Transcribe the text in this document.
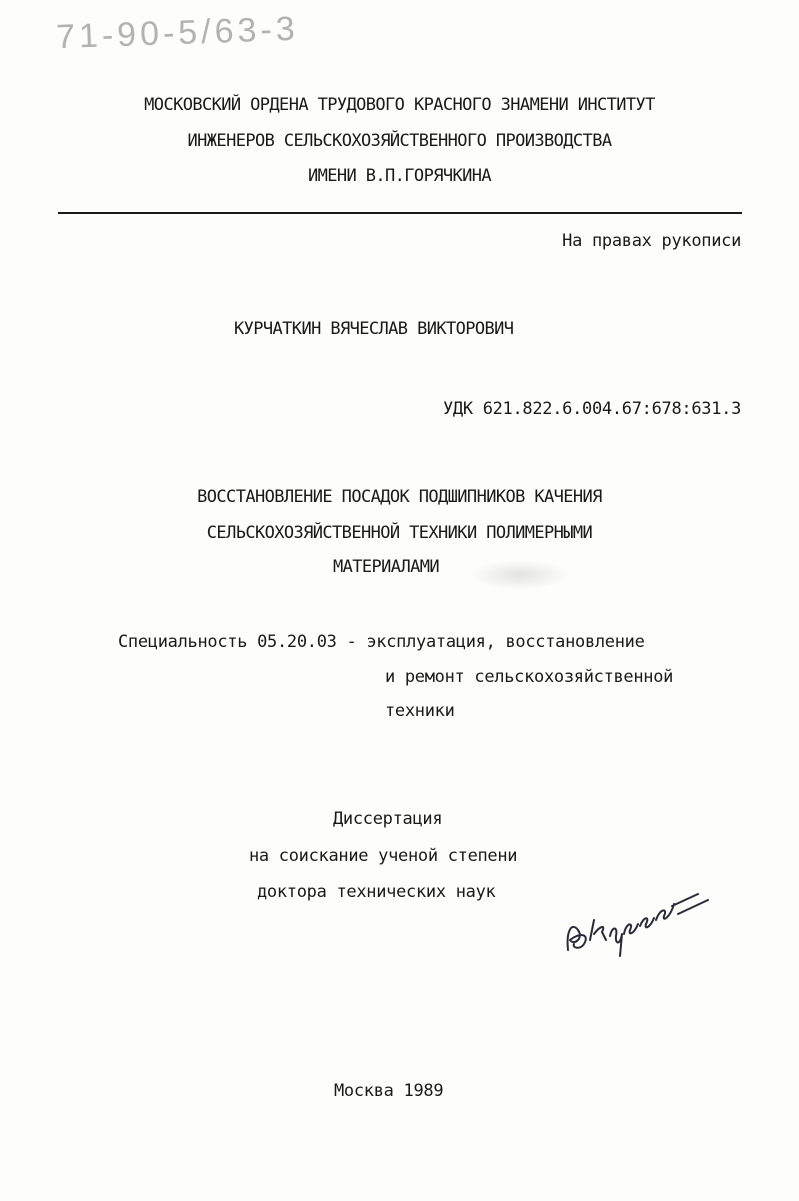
71-90-5/63-3
МОСКОВСКИЙ ОРДЕНА ТРУДОВОГО КРАСНОГО ЗНАМЕНИ ИНСТИТУТ
ИНЖЕНЕРОВ СЕЛЬСКОХОЗЯЙСТВЕННОГО ПРОИЗВОДСТВА
ИМЕНИ В.П.ГОРЯЧКИНА
На правах рукописи
КУРЧАТКИН ВЯЧЕСЛАВ ВИКТОРОВИЧ
УДК 621.822.6.004.67:678:631.3
ВОССТАНОВЛЕНИЕ ПОСАДОК ПОДШИПНИКОВ КАЧЕНИЯ
СЕЛЬСКОХОЗЯЙСТВЕННОЙ ТЕХНИКИ ПОЛИМЕРНЫМИ
МАТЕРИАЛАМИ
Специальность 05.20.03 - эксплуатация, восстановление
и ремонт сельскохозяйственной
техники
Диссертация
на соискание ученой степени
доктора технических наук
Москва 1989
